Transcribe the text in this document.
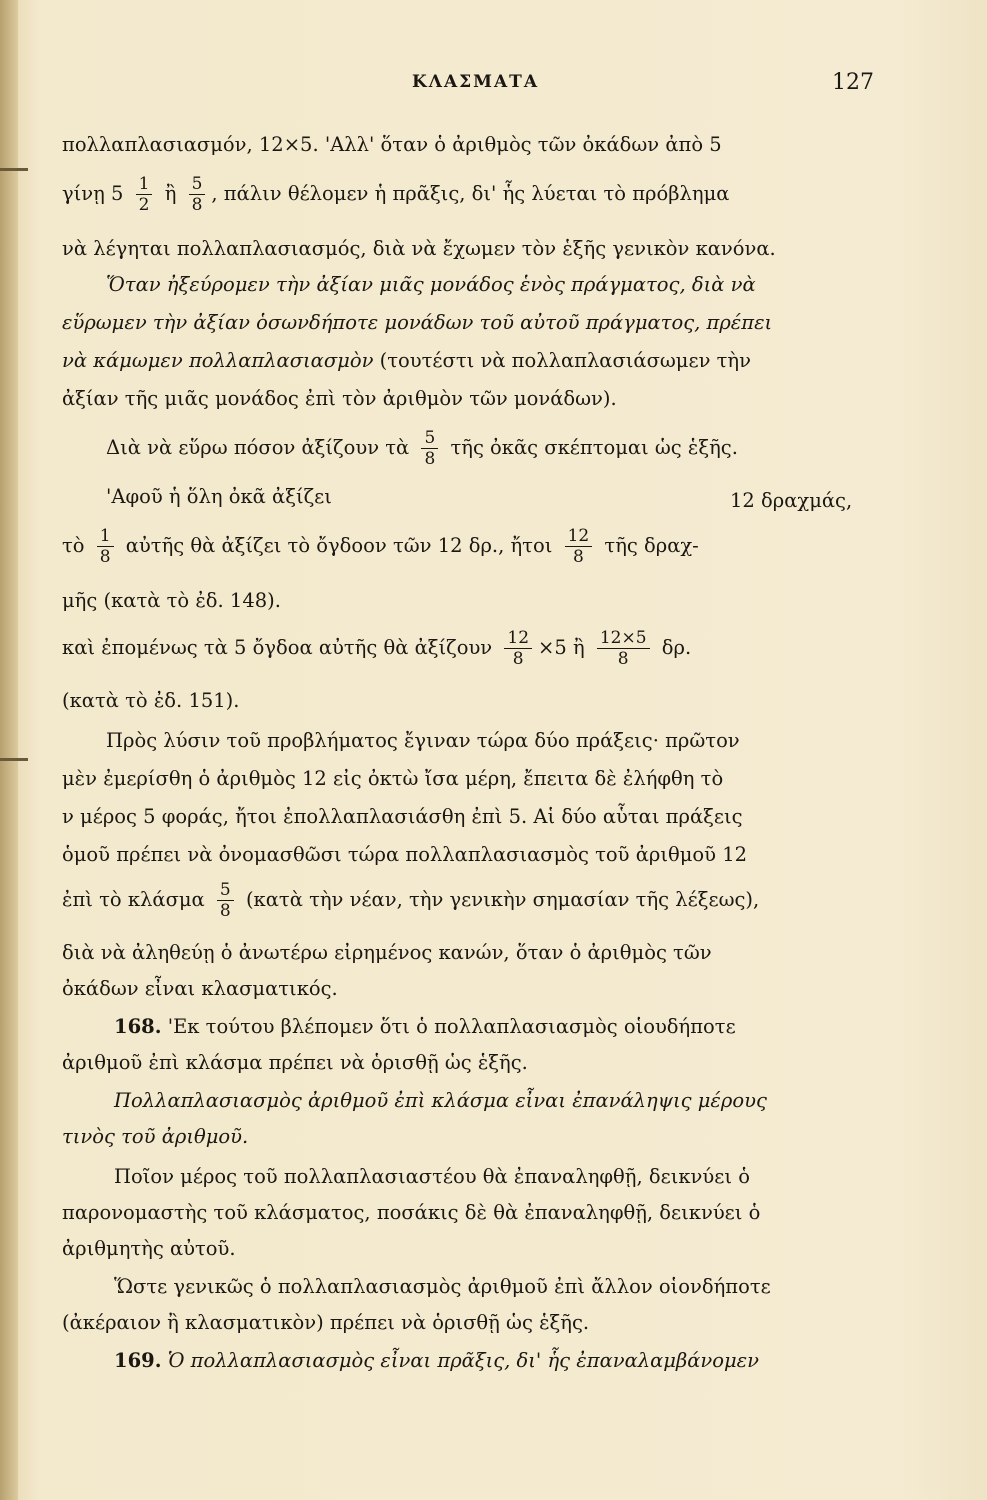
ΚΛΑΣΜΑΤΑ	127
πολλαπλασιασμόν, 12×5. 'Αλλ' ὅταν ὁ ἀριθμὸς τῶν ὀκάδων ἀπὸ 5
γίνῃ $5 \frac{1}{2}$ ἢ $\frac{5}{8}$ , πάλιν θέλομεν ἡ πρᾶξις, δι' ἧς λύεται τὸ πρόβλημα
νὰ λέγηται πολλαπλασιασμός, διὰ νὰ ἔχωμεν τὸν ἑξῆς γενικὸν κανόνα.
Ὅταν ἠξεύρομεν τὴν ἀξίαν μιᾶς μονάδος ἑνὸς πράγματος, διὰ νὰ
εὕρωμεν τὴν ἀξίαν ὁσωνδήποτε μονάδων τοῦ αὐτοῦ πράγματος, πρέπει
νὰ κάμωμεν πολλαπλασιασμὸν (τουτέστι νὰ πολλαπλασιάσωμεν τὴν
ἀξίαν τῆς μιᾶς μονάδος ἐπὶ τὸν ἀριθμὸν τῶν μονάδων).
Διὰ νὰ εὕρω πόσον ἀξίζουν τὰ $\frac{5}{8}$ τῆς ὀκᾶς σκέπτομαι ὡς ἑξῆς.
'Αφοῦ ἡ ὅλη ὀκᾶ ἀξίζει	12 δραχμάς,
τὸ $\frac{1}{8}$ αὐτῆς θὰ ἀξίζει τὸ ὄγδοον τῶν 12 δρ., ἤτοι $\frac{12}{8}$ τῆς δραχ-
μῆς (κατὰ τὸ ἐδ. 148).
καὶ ἐπομένως τὰ 5 ὄγδοα αὐτῆς θὰ ἀξίζουν $\frac{12}{8} \times 5$ ἢ $\frac{12\times 5}{8} \delta\rho$.
(κατὰ τὸ ἐδ. 151).
Πρὸς λύσιν τοῦ προβλήματος ἔγιναν τώρα δύο πράξεις· πρῶτον
μὲν ἐμερίσθη ὁ ἀριθμὸς 12 εἰς ὀκτὼ ἴσα μέρη, ἔπειτα δὲ ἐλήφθη τὸ
ν μέρος 5 φοράς, ἤτοι ἐπολλαπλασιάσθη ἐπὶ 5. Αἱ δύο αὗται πράξεις
ὁμοῦ πρέπει νὰ ὀνομασθῶσι τώρα πολλαπλασιασμὸς τοῦ ἀριθμοῦ 12
ἐπὶ τὸ κλάσμα $\frac{5}{8}$ (κατὰ τὴν νέαν, τὴν γενικὴν σημασίαν τῆς λέξεως),
διὰ νὰ ἀληθεύῃ ὁ ἀνωτέρω εἰρημένος κανών, ὅταν ὁ ἀριθμὸς τῶν
ὀκάδων εἶναι κλασματικός.
168. 'Εκ τούτου βλέπομεν ὅτι ὁ πολλαπλασιασμὸς οἱουδήποτε
ἀριθμοῦ ἐπὶ κλάσμα πρέπει νὰ ὁρισθῇ ὡς ἑξῆς.
Πολλαπλασιασμὸς ἀριθμοῦ ἐπὶ κλάσμα εἶναι ἐπανάληψις μέρους
τινὸς τοῦ ἀριθμοῦ.
Ποῖον μέρος τοῦ πολλαπλασιαστέου θὰ ἐπαναληφθῇ, δεικνύει ὁ
παρονομαστὴς τοῦ κλάσματος, ποσάκις δὲ θὰ ἐπαναληφθῇ, δεικνύει ὁ
ἀριθμητὴς αὐτοῦ.
Ὥστε γενικῶς ὁ πολλαπλασιασμὸς ἀριθμοῦ ἐπὶ ἄλλον οἱονδήποτε
(ἀκέραιον ἢ κλασματικὸν) πρέπει νὰ ὁρισθῇ ὡς ἑξῆς.
169. Ὁ πολλαπλασιασμὸς εἶναι πρᾶξις, δι' ἧς ἐπαναλαμβάνομεν
